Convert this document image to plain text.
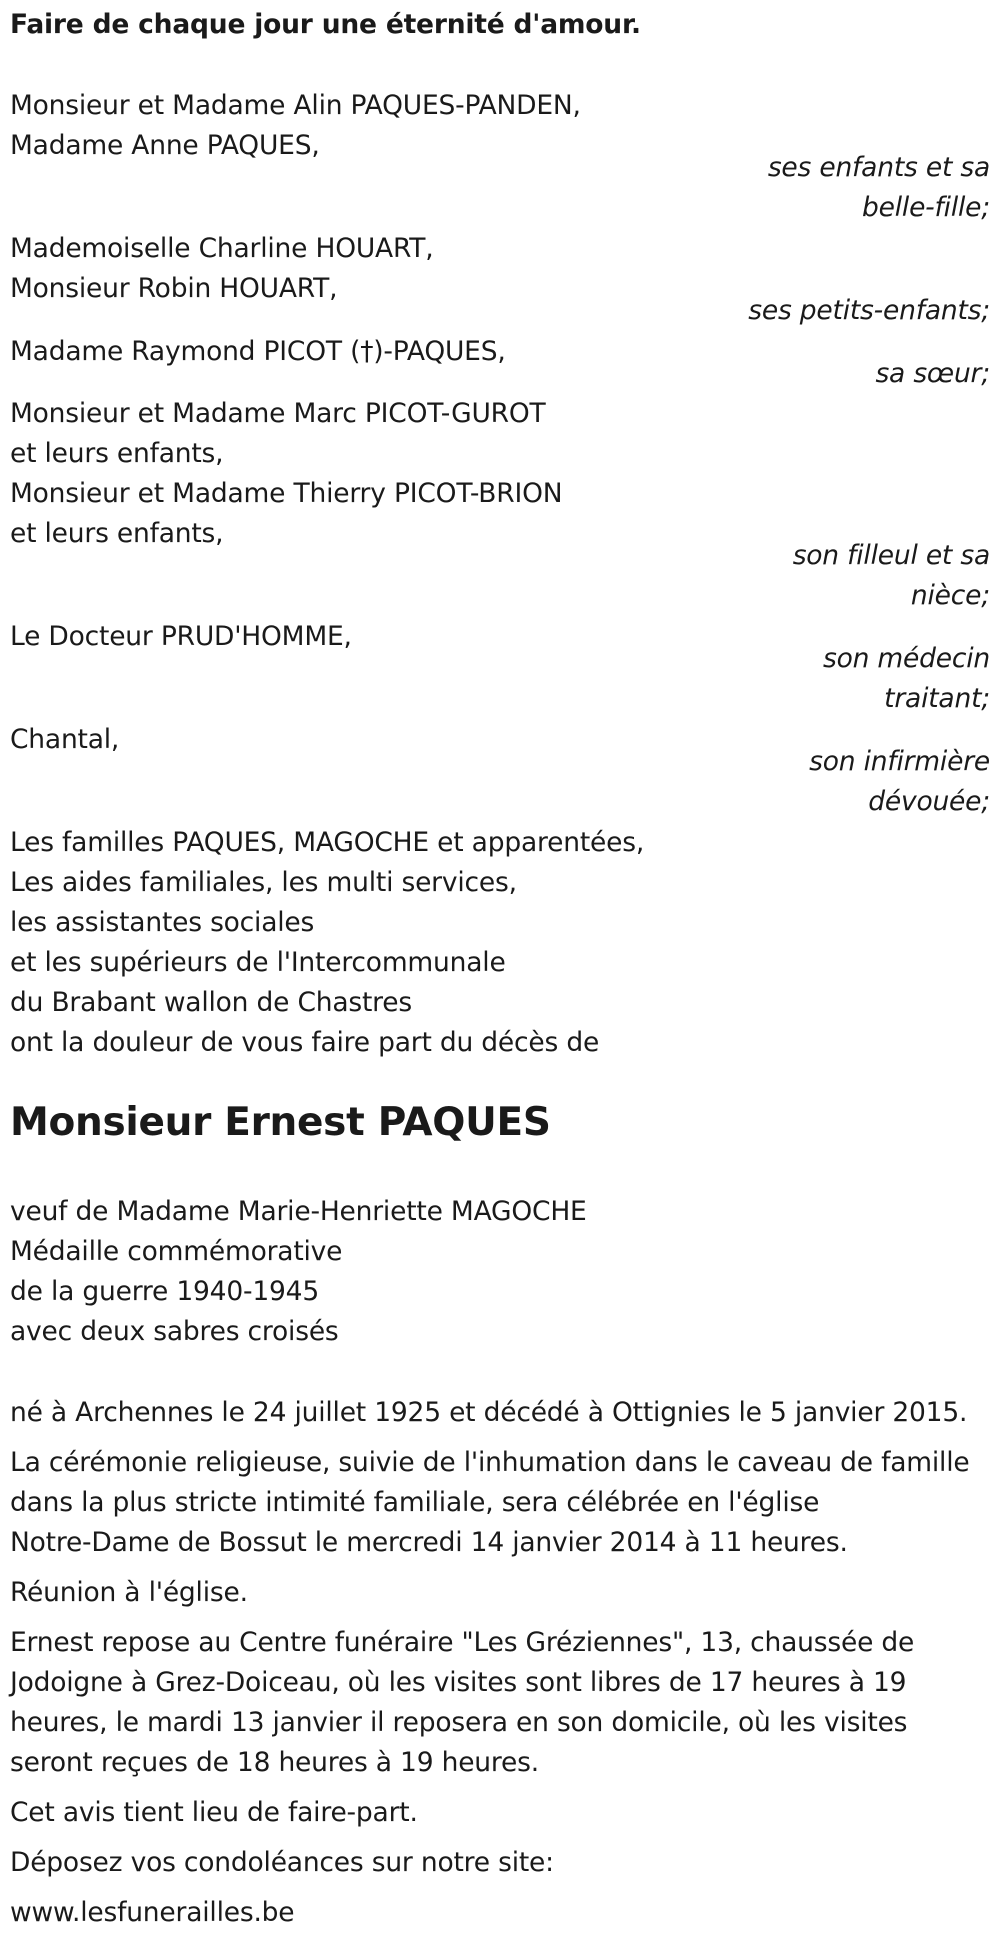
Faire de chaque jour une éternité d'amour.

Monsieur et Madame Alin PAQUES-PANDEN,

Madame Anne PAQUES,

ses enfants et sa

belle-fille;

Mademoiselle Charline HOUART,

Monsieur Robin HOUART,

ses petits-enfants;

Madame Raymond PICOT (†)-PAQUES,

sa sœur;

Monsieur et Madame Marc PICOT-GUROT

et leurs enfants,

Monsieur et Madame Thierry PICOT-BRION

et leurs enfants,

son filleul et sa

nièce;

Le Docteur PRUD'HOMME,

son médecin

traitant;

Chantal,

son infirmière

dévouée;

Les familles PAQUES, MAGOCHE et apparentées,

Les aides familiales, les multi services,

les assistantes sociales

et les supérieurs de l'Intercommunale

du Brabant wallon de Chastres

ont la douleur de vous faire part du décès de

Monsieur Ernest PAQUES

veuf de Madame Marie-Henriette MAGOCHE

Médaille commémorative

de la guerre 1940-1945

avec deux sabres croisés

né à Archennes le 24 juillet 1925 et décédé à Ottignies le 5 janvier 2015.

La cérémonie religieuse, suivie de l'inhumation dans le caveau de famille

dans la plus stricte intimité familiale, sera célébrée en l'église

Notre-Dame de Bossut le mercredi 14 janvier 2014 à 11 heures.

Réunion à l'église.

Ernest repose au Centre funéraire "Les Gréziennes", 13, chaussée de

Jodoigne à Grez-Doiceau, où les visites sont libres de 17 heures à 19

heures, le mardi 13 janvier il reposera en son domicile, où les visites

seront reçues de 18 heures à 19 heures.

Cet avis tient lieu de faire-part.

Déposez vos condoléances sur notre site:

www.lesfunerailles.be
